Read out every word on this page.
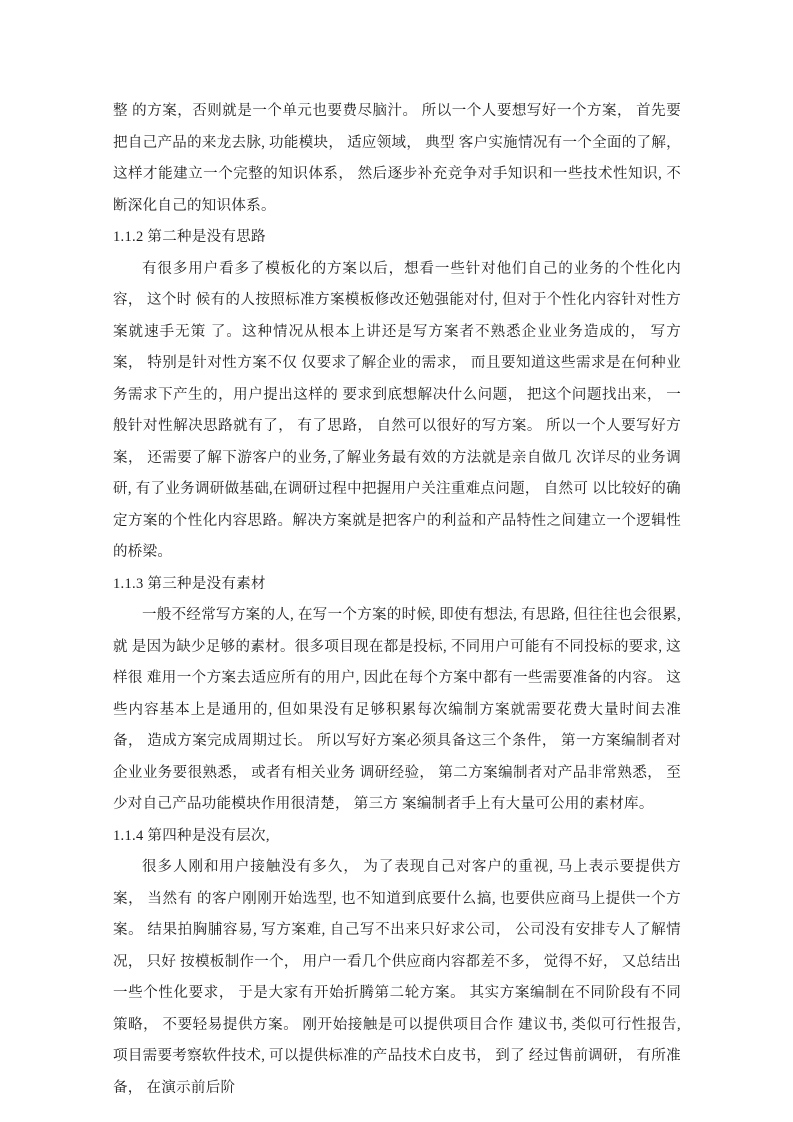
整 的方案，否则就是一个单元也要费尽脑汁。 所以一个人要想写好一个方案， 首先要把自己产品的来龙去脉, 功能模块， 适应领域， 典型 客户实施情况有一个全面的了解， 这样才能建立一个完整的知识体系， 然后逐步补充竞争对手知识和一些技术性知识, 不断深化自己的知识体系。

1.1.2 第二种是没有思路

有很多用户看多了模板化的方案以后，想看一些针对他们自己的业务的个性化内容， 这个时 候有的人按照标准方案模板修改还勉强能对付, 但对于个性化内容针对性方案就速手无策 了。这种情况从根本上讲还是写方案者不熟悉企业业务造成的， 写方案， 特别是针对性方案不仅 仅要求了解企业的需求， 而且要知道这些需求是在何种业务需求下产生的，用户提出这样的 要求到底想解决什么问题， 把这个问题找出来， 一般针对性解决思路就有了， 有了思路， 自然可以很好的写方案。 所以一个人要写好方案， 还需要了解下游客户的业务,了解业务最有效的方法就是亲自做几 次详尽的业务调研, 有了业务调研做基础,在调研过程中把握用户关注重难点问题， 自然可 以比较好的确定方案的个性化内容思路。解决方案就是把客户的利益和产品特性之间建立一个逻辑性的桥梁。

1.1.3 第三种是没有素材

一般不经常写方案的人, 在写一个方案的时候, 即使有想法, 有思路, 但往往也会很累, 就 是因为缺少足够的素材。很多项目现在都是投标, 不同用户可能有不同投标的要求, 这样很 难用一个方案去适应所有的用户, 因此在每个方案中都有一些需要准备的内容。 这些内容基本上是通用的, 但如果没有足够积累每次编制方案就需要花费大量时间去准备， 造成方案完成周期过长。 所以写好方案必须具备这三个条件， 第一方案编制者对企业业务要很熟悉， 或者有相关业务 调研经验， 第二方案编制者对产品非常熟悉， 至少对自己产品功能模块作用很清楚， 第三方 案编制者手上有大量可公用的素材库。

1.1.4 第四种是没有层次,

很多人刚和用户接触没有多久， 为了表现自己对客户的重视, 马上表示要提供方案， 当然有 的客户刚刚开始选型, 也不知道到底要什么搞, 也要供应商马上提供一个方案。 结果拍胸脯容易, 写方案难, 自己写不出来只好求公司， 公司没有安排专人了解情况， 只好 按模板制作一个， 用户一看几个供应商内容都差不多， 觉得不好， 又总结出一些个性化要求， 于是大家有开始折腾第二轮方案。 其实方案编制在不同阶段有不同策略， 不要轻易提供方案。 刚开始接触是可以提供项目合作 建议书, 类似可行性报告, 项目需要考察软件技术, 可以提供标准的产品技术白皮书， 到了 经过售前调研， 有所准备， 在演示前后阶
